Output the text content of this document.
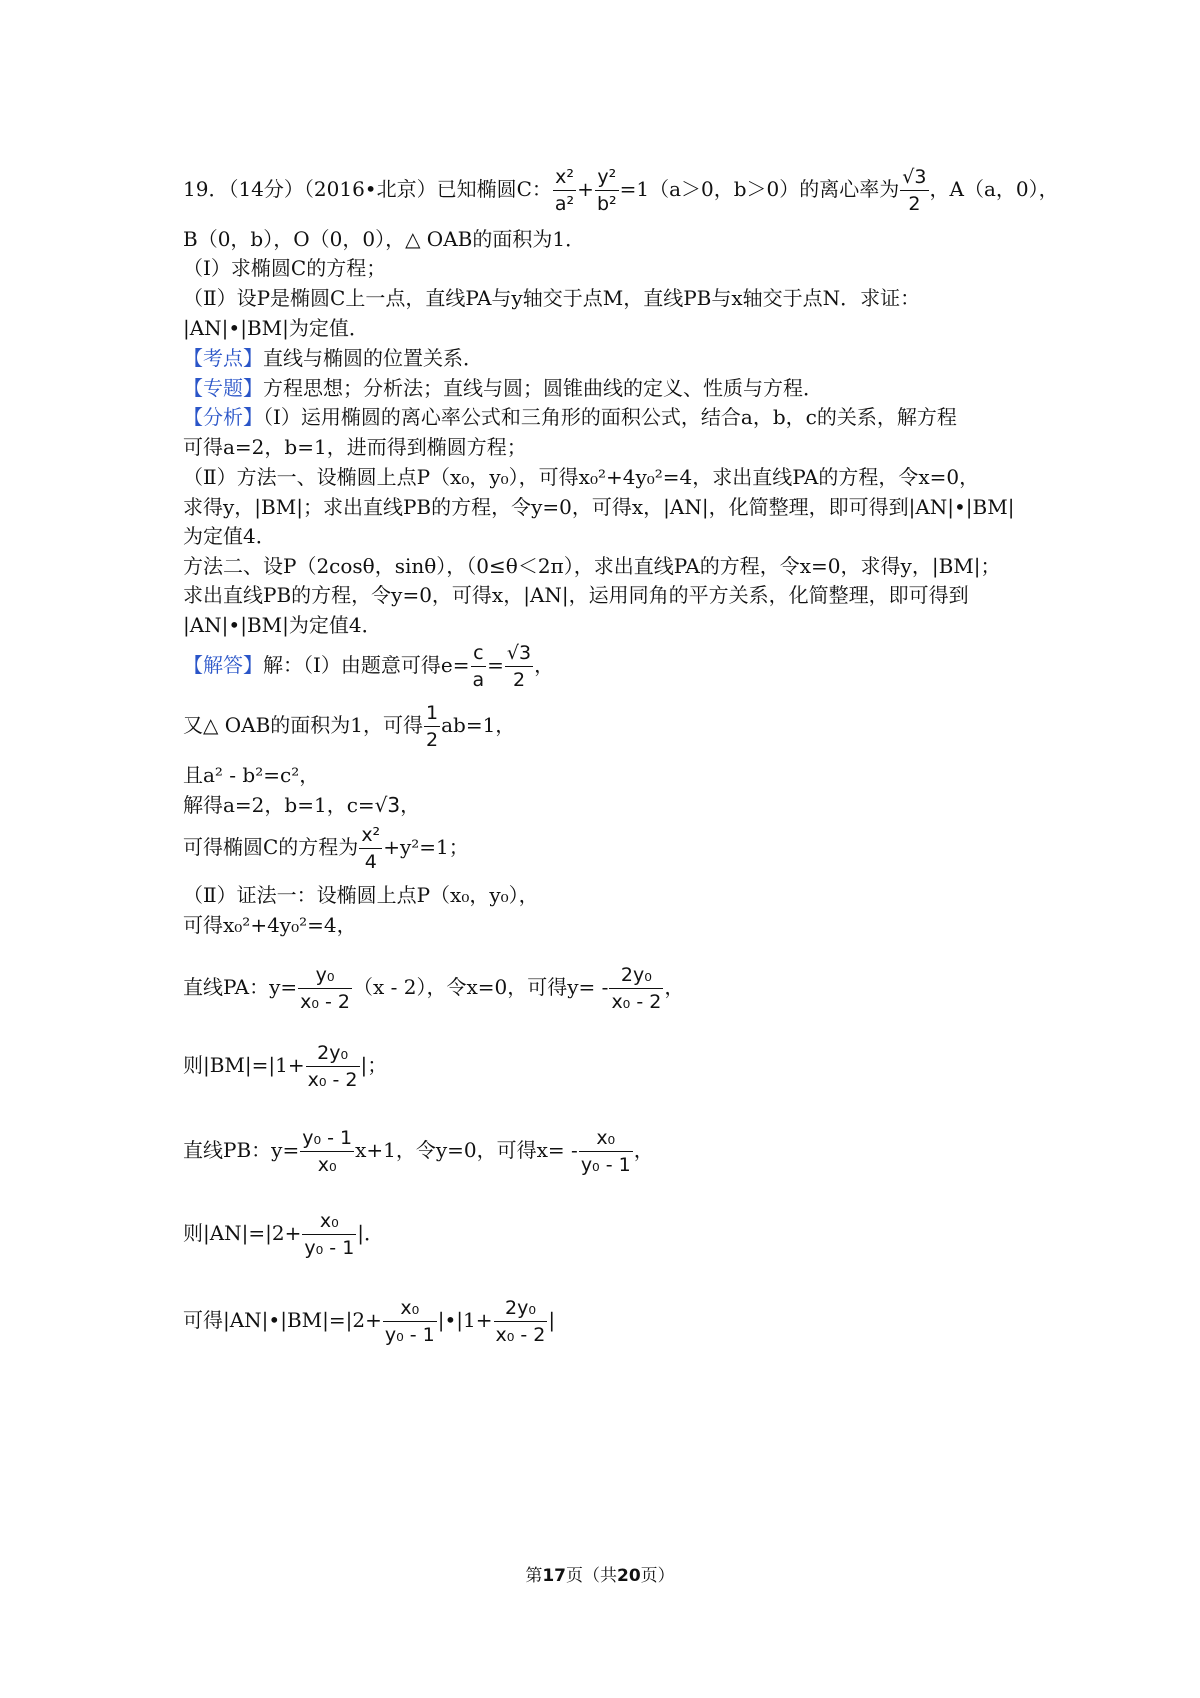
19．（14分）（2016•北京）已知椭圆C： $\frac{\text{x²}}{\text{a²}} + \frac{\text{y²}}{\text{b²}} =1(a>0$，b＞0）的离心率为 $\frac{√3}{2}$ ，A（a，0），
B（0，b），O（0，0），△ OAB的面积为1．
（Ⅰ）求椭圆C的方程；
（Ⅱ）设P是椭圆C上一点，直线PA与y轴交于点M，直线PB与x轴交于点N．求证：
|AN|•|BM|为定值．
【考点】直线与椭圆的位置关系．
【专题】方程思想；分析法；直线与圆；圆锥曲线的定义、性质与方程．
【分析】（Ⅰ）运用椭圆的离心率公式和三角形的面积公式，结合a，b，c的关系，解方程
可得a=2，b=1，进而得到椭圆方程；
（Ⅱ）方法一、设椭圆上点P（x₀，y₀），可得x₀²+4y₀²=4，求出直线PA的方程，令x=0，
求得y，|BM|；求出直线PB的方程，令y=0，可得x，|AN|，化简整理，即可得到|AN|•|BM|
为定值4．
方法二、设P（2cosθ，sinθ），（0≤θ＜2π），求出直线PA的方程，令x=0，求得y，|BM|；
求出直线PB的方程，令y=0，可得x，|AN|，运用同角的平方关系，化简整理，即可得到
|AN|•|BM|为定值4．
【解答】解：（Ⅰ）由题意可得$e= \frac{c}{a} = \frac{√3}{2}$ ，
又△ OAB的面积为1，可得 $\frac{1}{2} ab=1$，
且a² - b²=c²，
解得a=2，b=1，c=√3，
可得椭圆C的方程为 $\frac{\text{x²}}{4} +y^2=1$；
（Ⅱ）证法一：设椭圆上点P（x₀，y₀），
可得x₀²+4y₀²=4，
直线PA：$y= \frac{\text{y₀}}{\text{x₀ - 2}} (x - 2)$，令x=0，可得$y= - \frac{\text{2y₀}}{\text{x₀ - 2}}$ ，
则$|BM|=|1+ \frac{\text{2y₀}}{\text{x₀ - 2}}$ |；
直线PB：$y= \frac{\text{y₀ - 1}}{\text{x₀}} x+1$，令y=0，可得$x= - \frac{\text{x₀}}{\text{y₀ - 1}}$ ，
则$|AN|=|2+ \frac{\text{x₀}}{\text{y₀ - 1}}$ |．
可得|AN|•|BM|=|2+ $\frac{\text{x₀}}{\text{y₀ - 1}}$ |•|1+ $\frac{\text{2y₀}}{\text{x₀ - 2}}$ |
第17页（共20页）
